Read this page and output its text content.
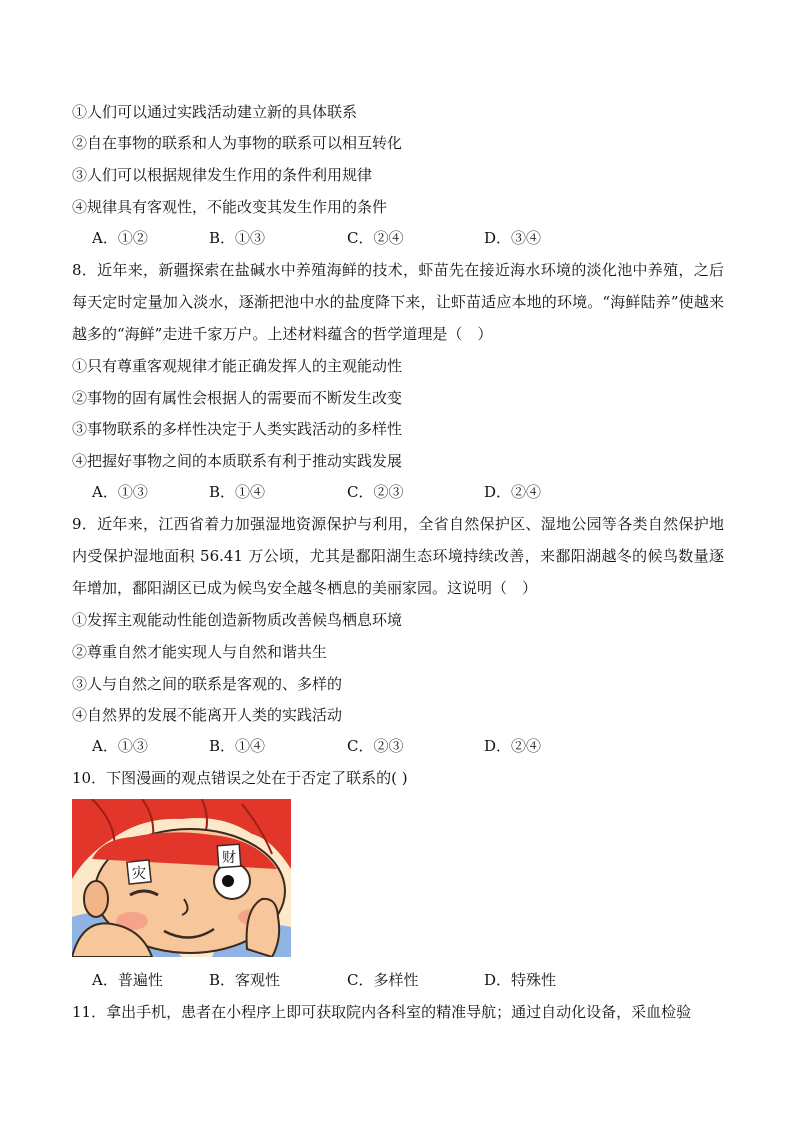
①人们可以通过实践活动建立新的具体联系
②自在事物的联系和人为事物的联系可以相互转化
③人们可以根据规律发生作用的条件利用规律
④规律具有客观性，不能改变其发生作用的条件
A．①②	B．①③	C．②④	D．③④
8．近年来，新疆探索在盐碱水中养殖海鲜的技术，虾苗先在接近海水环境的淡化池中养殖，之后每天定时定量加入淡水，逐渐把池中水的盐度降下来，让虾苗适应本地的环境。“海鲜陆养”使越来越多的“海鲜”走进千家万户。上述材料蕴含的哲学道理是（　）
①只有尊重客观规律才能正确发挥人的主观能动性
②事物的固有属性会根据人的需要而不断发生改变
③事物联系的多样性决定于人类实践活动的多样性
④把握好事物之间的本质联系有利于推动实践发展
A．①③	B．①④	C．②③	D．②④
9．近年来，江西省着力加强湿地资源保护与利用，全省自然保护区、湿地公园等各类自然保护地内受保护湿地面积 56.41 万公顷，尤其是鄱阳湖生态环境持续改善，来鄱阳湖越冬的候鸟数量逐年增加，鄱阳湖区已成为候鸟安全越冬栖息的美丽家园。这说明（　）
①发挥主观能动性能创造新物质改善候鸟栖息环境
②尊重自然才能实现人与自然和谐共生
③人与自然之间的联系是客观的、多样的
④自然界的发展不能离开人类的实践活动
A．①③	B．①④	C．②③	D．②④
10．下图漫画的观点错误之处在于否定了联系的( )
灾
财
A．普遍性	B．客观性	C．多样性	D．特殊性
11．拿出手机，患者在小程序上即可获取院内各科室的精准导航；通过自动化设备，采血检验
